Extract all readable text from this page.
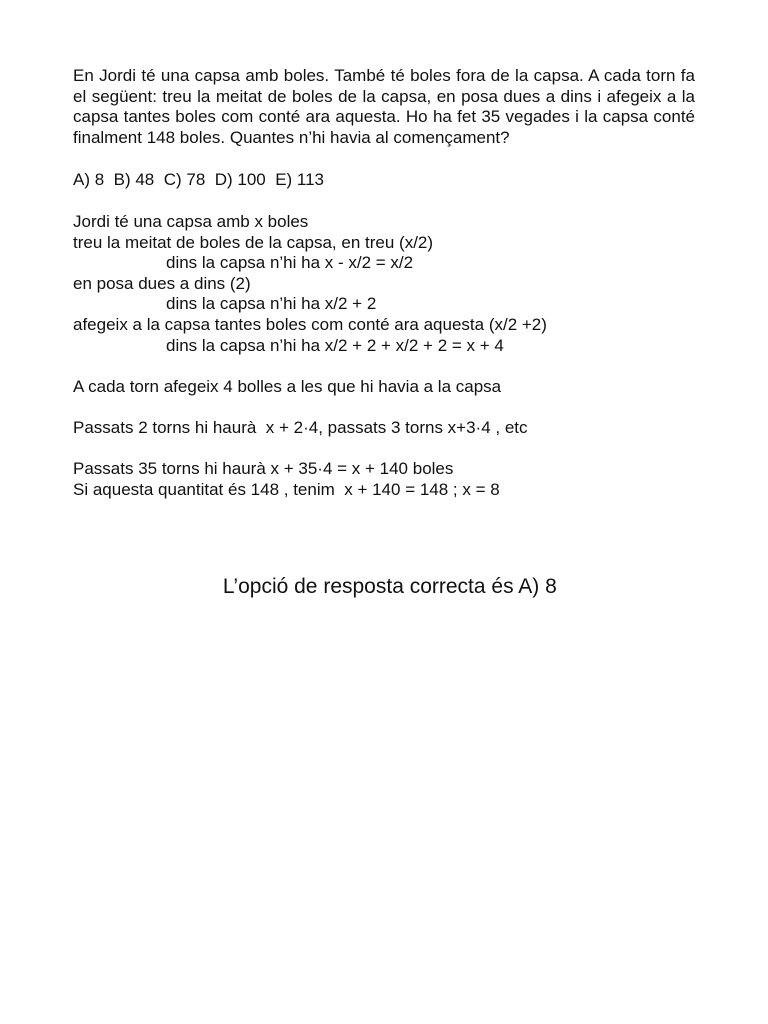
En Jordi té una capsa amb boles. També té boles fora de la capsa. A cada torn fa el següent: treu la meitat de boles de la capsa, en posa dues a dins i afegeix a la capsa tantes boles com conté ara aquesta. Ho ha fet 35 vegades i la capsa conté finalment 148 boles. Quantes n’hi havia al començament?

A) 8  B) 48  C) 78  D) 100  E) 113
Jordi té una capsa amb x boles
treu la meitat de boles de la capsa, en treu (x/2)
dins la capsa n’hi ha x - x/2 = x/2
en posa dues a dins (2)
dins la capsa n’hi ha x/2 + 2
afegeix a la capsa tantes boles com conté ara aquesta (x/2 +2)
dins la capsa n’hi ha x/2 + 2 + x/2 + 2 = x + 4
A cada torn afegeix 4 bolles a les que hi havia a la capsa
Passats 2 torns hi haurà  x + 2·4, passats 3 torns x+3·4 , etc
Passats 35 torns hi haurà x + 35·4 = x + 140 boles
Si aquesta quantitat és 148 , tenim  x + 140 = 148 ; x = 8

L’opció de resposta correcta és A) 8
